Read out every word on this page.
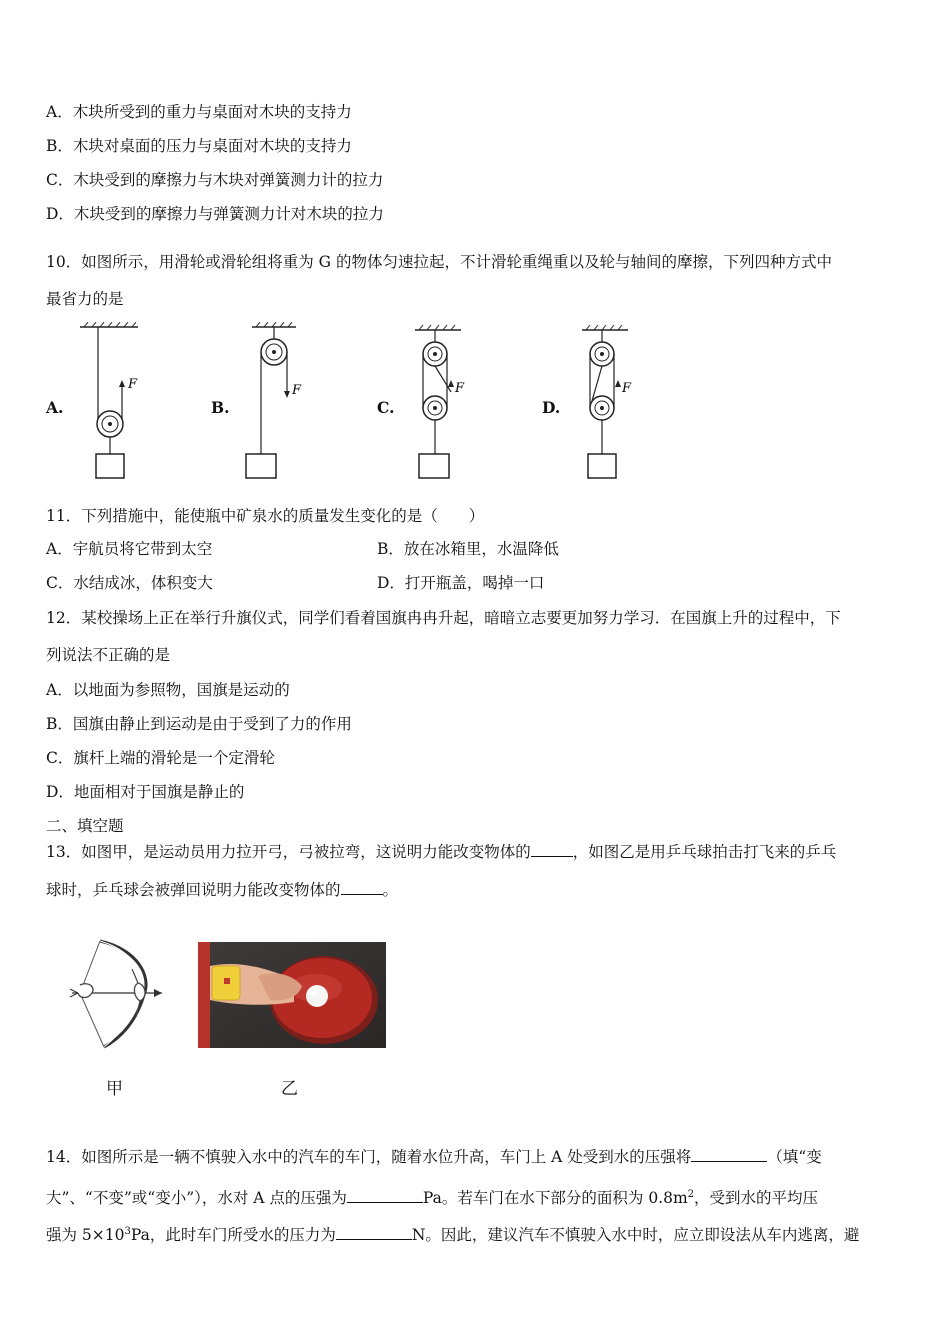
A．木块所受到的重力与桌面对木块的支持力
B．木块对桌面的压力与桌面对木块的支持力
C．木块受到的摩擦力与木块对弹簧测力计的拉力
D．木块受到的摩擦力与弹簧测力计对木块的拉力
10．如图所示，用滑轮或滑轮组将重为 G 的物体匀速拉起，不计滑轮重绳重以及轮与轴间的摩擦，下列四种方式中
最省力的是
A.	B.	C.	D.
F	F	F	F
11．下列措施中，能使瓶中矿泉水的质量发生变化的是（　　）
A．宇航员将它带到太空	B．放在冰箱里，水温降低
C．水结成冰，体积变大	D．打开瓶盖，喝掉一口
12．某校操场上正在举行升旗仪式，同学们看着国旗冉冉升起，暗暗立志要更加努力学习．在国旗上升的过程中，下
列说法不正确的是
A．以地面为参照物，国旗是运动的
B．国旗由静止到运动是由于受到了力的作用
C．旗杆上端的滑轮是一个定滑轮
D．地面相对于国旗是静止的
二、填空题
13．如图甲，是运动员用力拉开弓，弓被拉弯，这说明力能改变物体的	，如图乙是用乒乓球拍击打飞来的乒乓
球时，乒乓球会被弹回说明力能改变物体的	。
甲	乙
14．如图所示是一辆不慎驶入水中的汽车的车门，随着水位升高，车门上 A 处受到水的压强将	（填“变
大”、“不变”或“变小”），水对 A 点的压强为	Pa。若车门在水下部分的面积为 $0.8m^2$，受到水的平均压
强为 $5\times 10^3Pa$，此时车门所受水的压力为	N。因此，建议汽车不慎驶入水中时，应立即设法从车内逃离，避
